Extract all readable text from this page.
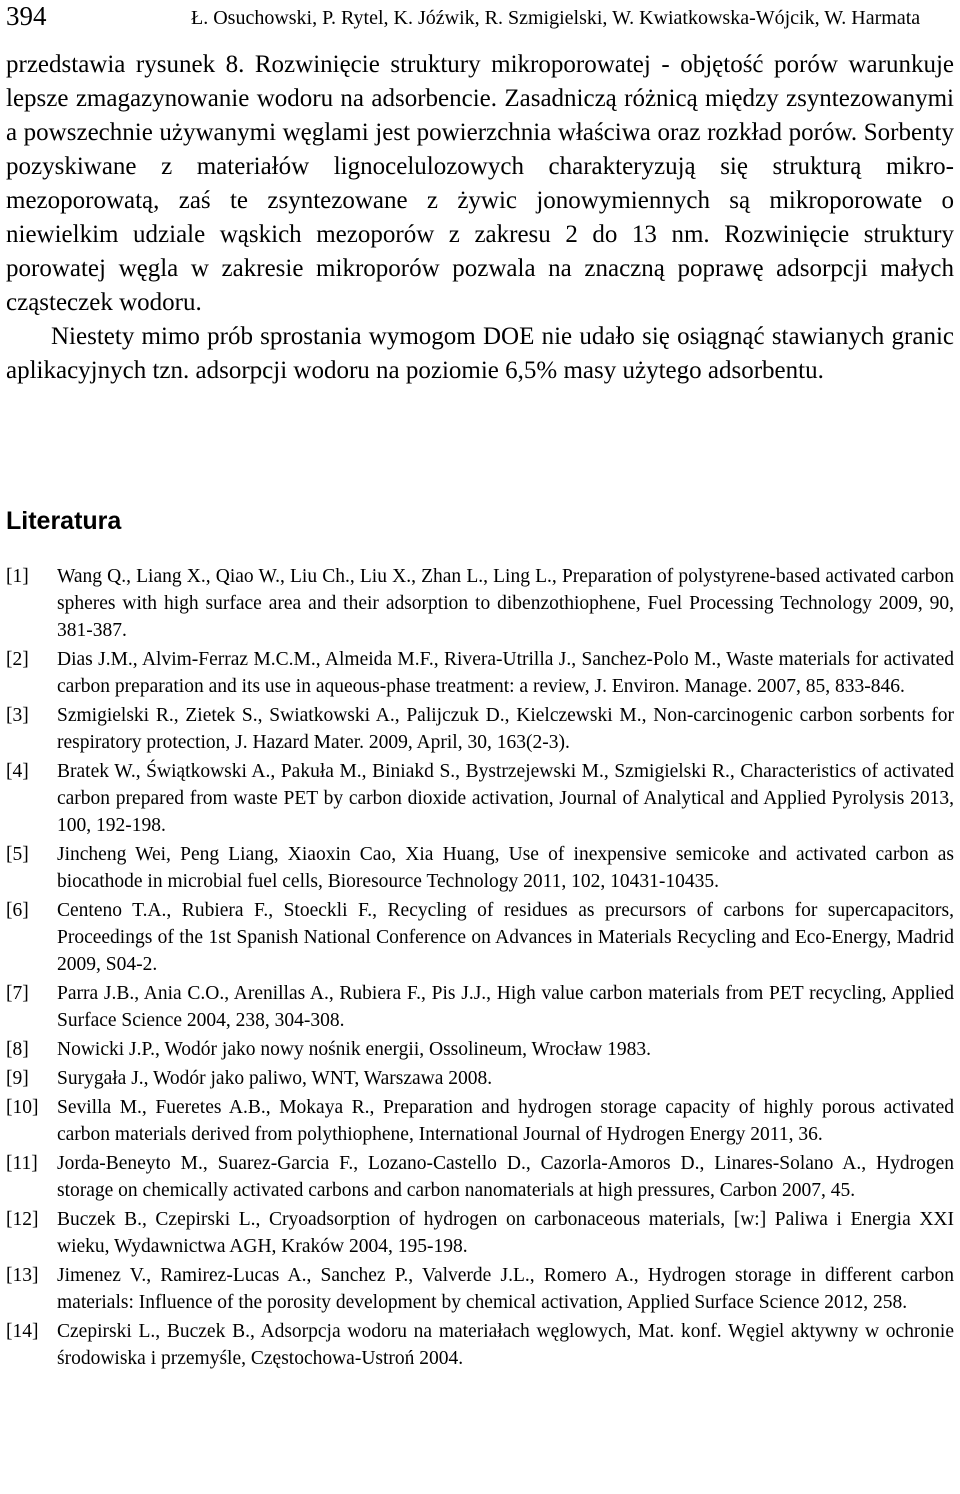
394	Ł. Osuchowski, P. Rytel, K. Jóźwik, R. Szmigielski, W. Kwiatkowska-Wójcik, W. Harmata

przedstawia rysunek 8. Rozwinięcie struktury mikroporowatej - objętość porów warunkuje lepsze zmagazynowanie wodoru na adsorbencie. Zasadniczą różnicą między zsyntezowanymi a powszechnie używanymi węglami jest powierzchnia właściwa oraz rozkład porów. Sorbenty pozyskiwane z materiałów lignocelulozowych charakteryzują się strukturą mikro-mezoporowatą, zaś te zsyntezowane z żywic jonowymiennych są mikroporowate o niewielkim udziale wąskich mezoporów z zakresu 2 do 13 nm. Rozwinięcie struktury porowatej węgla w zakresie mikroporów pozwala na znaczną poprawę adsorpcji małych cząsteczek wodoru.

Niestety mimo prób sprostania wymogom DOE nie udało się osiągnąć stawianych granic aplikacyjnych tzn. adsorpcji wodoru na poziomie 6,5% masy użytego adsorbentu.

Literatura
[1] Wang Q., Liang X., Qiao W., Liu Ch., Liu X., Zhan L., Ling L., Preparation of polystyrene-based activated carbon spheres with high surface area and their adsorption to dibenzothiophene, Fuel Processing Technology 2009, 90, 381-387.
[2] Dias J.M., Alvim-Ferraz M.C.M., Almeida M.F., Rivera-Utrilla J., Sanchez-Polo M., Waste materials for activated carbon preparation and its use in aqueous-phase treatment: a review, J. Environ. Manage. 2007, 85, 833-846.
[3] Szmigielski R., Zietek S., Swiatkowski A., Palijczuk D., Kielczewski M., Non-carcinogenic carbon sorbents for respiratory protection, J. Hazard Mater. 2009, April, 30, 163(2-3).
[4] Bratek W., Świątkowski A., Pakuła M., Biniakd S., Bystrzejewski M., Szmigielski R., Characteristics of activated carbon prepared from waste PET by carbon dioxide activation, Journal of Analytical and Applied Pyrolysis 2013, 100, 192-198.
[5] Jincheng Wei, Peng Liang, Xiaoxin Cao, Xia Huang, Use of inexpensive semicoke and activated carbon as biocathode in microbial fuel cells, Bioresource Technology 2011, 102, 10431-10435.
[6] Centeno T.A., Rubiera F., Stoeckli F., Recycling of residues as precursors of carbons for supercapacitors, Proceedings of the 1st Spanish National Conference on Advances in Materials Recycling and Eco-Energy, Madrid 2009, S04-2.
[7] Parra J.B., Ania C.O., Arenillas A., Rubiera F., Pis J.J., High value carbon materials from PET recycling, Applied Surface Science 2004, 238, 304-308.
[8] Nowicki J.P., Wodór jako nowy nośnik energii, Ossolineum, Wrocław 1983.
[9] Surygała J., Wodór jako paliwo, WNT, Warszawa 2008.
[10] Sevilla M., Fueretes A.B., Mokaya R., Preparation and hydrogen storage capacity of highly porous activated carbon materials derived from polythiophene, International Journal of Hydrogen Energy 2011, 36.
[11] Jorda-Beneyto M., Suarez-Garcia F., Lozano-Castello D., Cazorla-Amoros D., Linares-Solano A., Hydrogen storage on chemically activated carbons and carbon nanomaterials at high pressures, Carbon 2007, 45.
[12] Buczek B., Czepirski L., Cryoadsorption of hydrogen on carbonaceous materials, [w:] Paliwa i Energia XXI wieku, Wydawnictwa AGH, Kraków 2004, 195-198.
[13] Jimenez V., Ramirez-Lucas A., Sanchez P., Valverde J.L., Romero A., Hydrogen storage in different carbon materials: Influence of the porosity development by chemical activation, Applied Surface Science 2012, 258.
[14] Czepirski L., Buczek B., Adsorpcja wodoru na materiałach węglowych, Mat. konf. Węgiel aktywny w ochronie środowiska i przemyśle, Częstochowa-Ustroń 2004.
